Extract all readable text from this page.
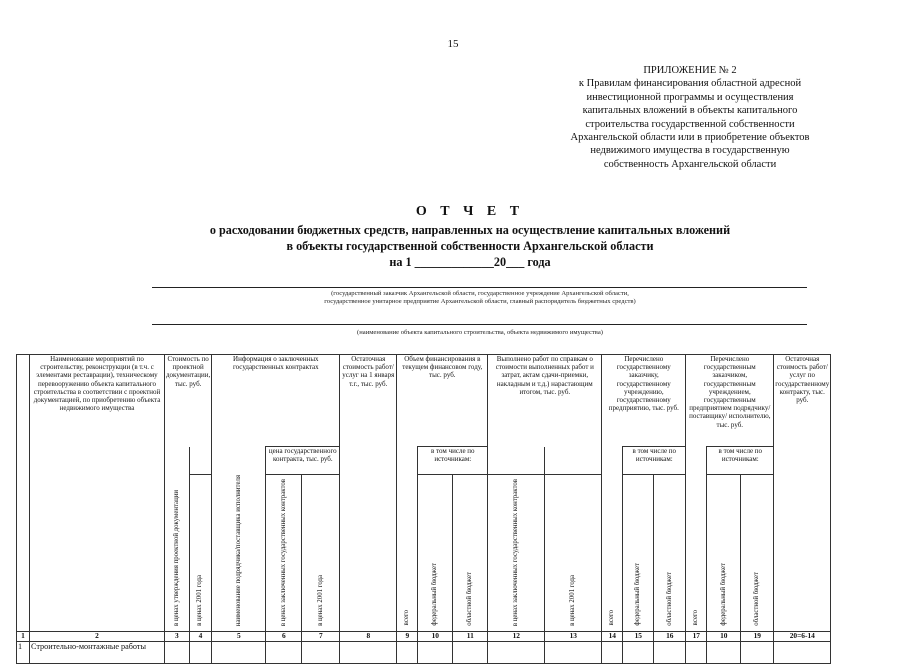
15
ПРИЛОЖЕНИЕ № 2
к Правилам финансирования областной адресной
инвестиционной программы и осуществления
капитальных вложений в объекты капитального
строительства государственной собственности
Архангельской области или в приобретение объектов
недвижимого имущества в государственную
собственность Архангельской области
О Т Ч Е Т
о расходовании бюджетных средств, направленных на осуществление капитальных вложений
в объекты государственной собственности Архангельской области
на 1 _____________20___ года
(государственный заказчик Архангельской области, государственное учреждение Архангельской области,
государственное унитарное предприятие Архангельской области, главный распорядитель бюджетных средств)
(наименование объекта капитального строительства, объекта недвижимого имущества)
	Наименование мероприятий по строительству, реконструкции (в т.ч. с элементами реставрации), техническому перевооружению объекта капитального строительства в соответствии с проектной документацией, по приобретению объекта недвижимого имущества	Стоимость по проектной документации, тыс. руб.		Информация о заключенных государственных контрактах			Остаточная стоимость работ/услуг на 1 января т.г., тыс. руб.	Объем финансирования в текущем финансовом году, тыс. руб.			Выполнено работ по справкам о стоимости выполненных работ и затрат, актам сдачи-приемки, накладным и т.д.) нарастающим итогом, тыс. руб.		Перечислено государственному заказчику, государственному учреждению, государственному предприятию, тыс. руб.			Перечислено государственным заказчиком, государственным учреждением, государственным предприятием подрядчику/ поставщику/ исполнителю, тыс. руб.			Остаточная стоимость работ/услуг по государственному контракту, тыс. руб.
					цена государственного контракта, тыс. руб.				в том числе по источникам:					в том числе по источникам:			в том числе по источникам:		
		в ценах утверждения проектной документации	в ценах 2001 года	наименование подрядчика/поставщика исполнителя	в ценах заключенных государственных контрактов	в ценах 2001 года		всего	федеральный бюджет	областной бюджет	в ценах заключенных государственных контрактов	в ценах 2001 года	всего	федеральный бюджет	областной бюджет	всего	федеральный бюджет	областной бюджет	
1	2	3	4	5	6	7	8	9	10	11	12	13	14	15	16	17	10	19	20=6-14
1	Строительно-монтажные работы																		
